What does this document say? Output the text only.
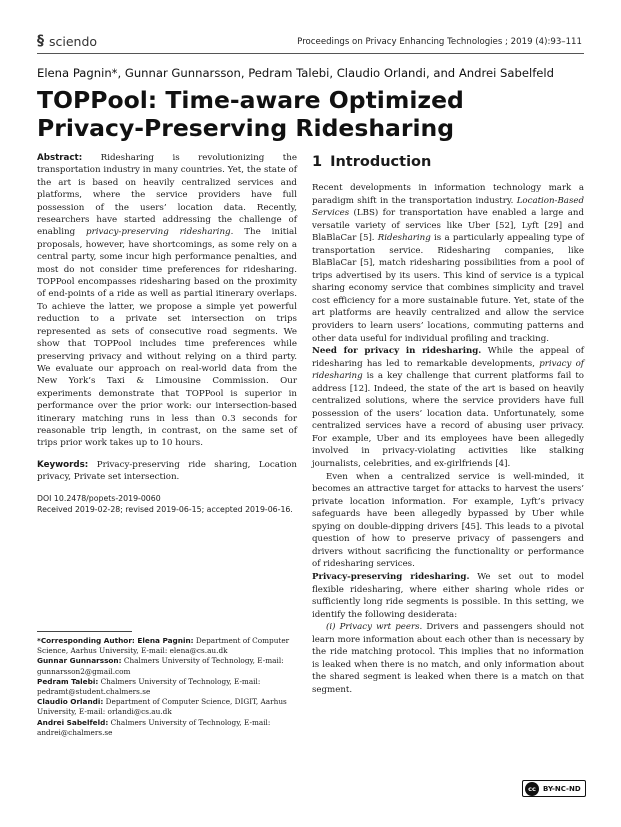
§ sciendo	Proceedings on Privacy Enhancing Technologies ; 2019 (4):93–111
Elena Pagnin*, Gunnar Gunnarsson, Pedram Talebi, Claudio Orlandi, and Andrei Sabelfeld
TOPPool: Time-aware Optimized
Privacy-Preserving Ridesharing

Abstract: Ridesharing is revolutionizing the transportation industry in many countries. Yet, the state of the art is based on heavily centralized services and platforms, where the service providers have full possession of the users’ location data. Recently, researchers have started addressing the challenge of enabling privacy-preserving ridesharing. The initial proposals, however, have shortcomings, as some rely on a central party, some incur high performance penalties, and most do not consider time preferences for ridesharing. TOPPool encompasses ridesharing based on the proximity of end-points of a ride as well as partial itinerary overlaps. To achieve the latter, we propose a simple yet powerful reduction to a private set intersection on trips represented as sets of consecutive road segments. We show that TOPPool includes time preferences while preserving privacy and without relying on a third party. We evaluate our approach on real-world data from the New York’s Taxi & Limousine Commission. Our experiments demonstrate that TOPPool is superior in performance over the prior work: our intersection-based itinerary matching runs in less than 0.3 seconds for reasonable trip length, in contrast, on the same set of trips prior work takes up to 10 hours.

Keywords: Privacy-preserving ride sharing, Location privacy, Private set intersection.

DOI 10.2478/popets-2019-0060
Received 2019-02-28; revised 2019-06-15; accepted 2019-06-16.

*Corresponding Author: Elena Pagnin: Department of Computer Science, Aarhus University, E-mail: elena@cs.au.dk

Gunnar Gunnarsson: Chalmers University of Technology, E-mail: gunnarsson2@gmail.com

Pedram Talebi: Chalmers University of Technology, E-mail: pedramt@student.chalmers.se

Claudio Orlandi: Department of Computer Science, DIGIT, Aarhus University, E-mail: orlandi@cs.au.dk

Andrei Sabelfeld: Chalmers University of Technology, E-mail: andrei@chalmers.se

1 Introduction

Recent developments in information technology mark a paradigm shift in the transportation industry. Location-Based Services (LBS) for transportation have enabled a large and versatile variety of services like Uber [52], Lyft [29] and BlaBlaCar [5]. Ridesharing is a particularly appealing type of transportation service. Ridesharing companies, like BlaBlaCar [5], match ridesharing possibilities from a pool of trips advertised by its users. This kind of service is a typical sharing economy service that combines simplicity and travel cost efficiency for a more sustainable future. Yet, state of the art platforms are heavily centralized and allow the service providers to learn users’ locations, commuting patterns and other data useful for individual profiling and tracking.

Need for privacy in ridesharing. While the appeal of ridesharing has led to remarkable developments, privacy of ridesharing is a key challenge that current platforms fail to address [12]. Indeed, the state of the art is based on heavily centralized solutions, where the service providers have full possession of the users’ location data. Unfortunately, some centralized services have a record of abusing user privacy. For example, Uber and its employees have been allegedly involved in privacy-violating activities like stalking journalists, celebrities, and ex-girlfriends [4].

Even when a centralized service is well-minded, it becomes an attractive target for attacks to harvest the users’ private location information. For example, Lyft’s privacy safeguards have been allegedly bypassed by Uber while spying on double-dipping drivers [45]. This leads to a pivotal question of how to preserve privacy of passengers and drivers without sacrificing the functionality or performance of ridesharing services.

Privacy-preserving ridesharing. We set out to model flexible ridesharing, where either sharing whole rides or sufficiently long ride segments is possible. In this setting, we identify the following desiderata:

(i) Privacy wrt peers. Drivers and passengers should not learn more information about each other than is necessary by the ride matching protocol. This implies that no information is leaked when there is no match, and only information about the shared segment is leaked when there is a match on that segment.

cc	BY-NC-ND
